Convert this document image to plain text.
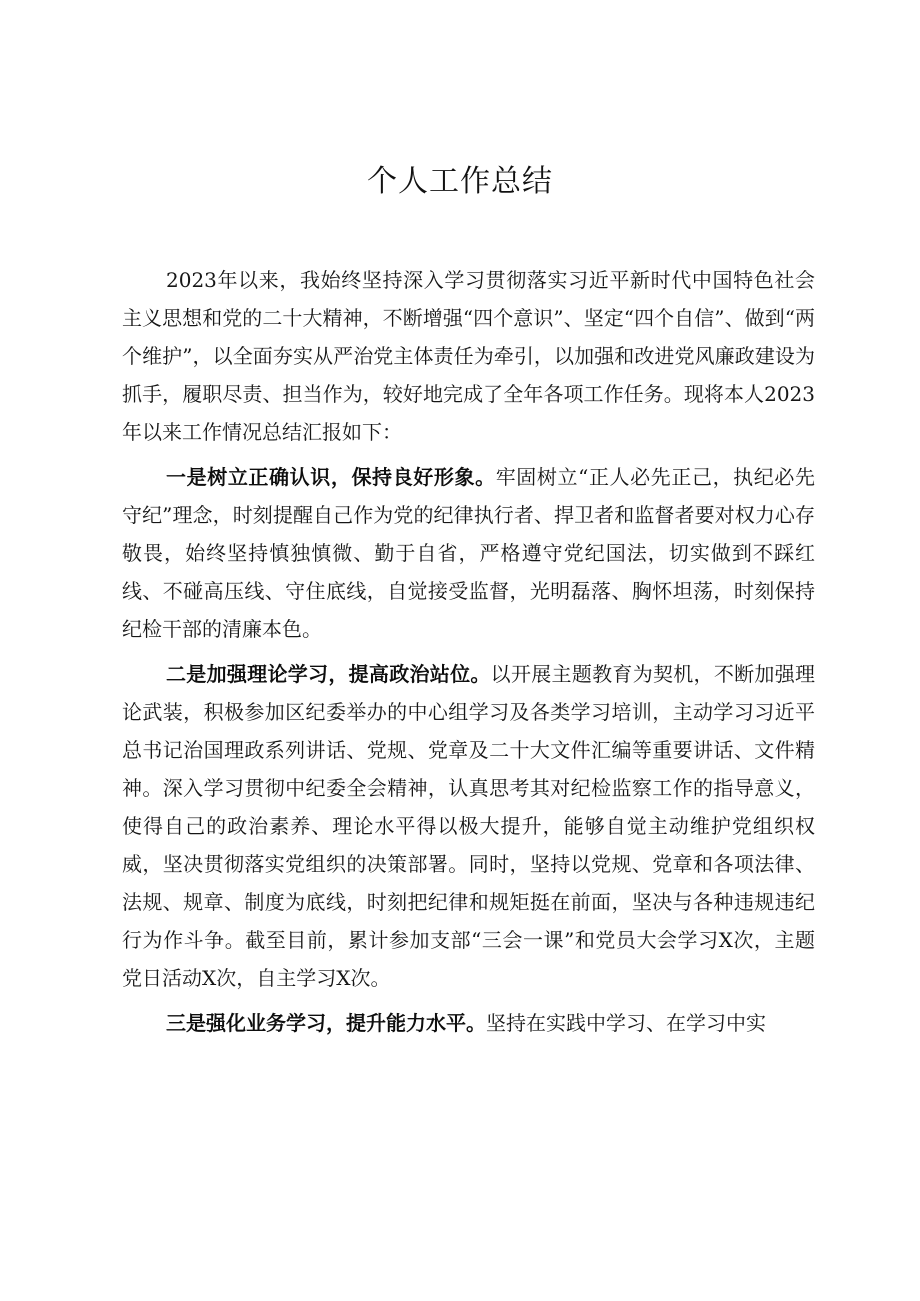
个人工作总结

2023年以来，我始终坚持深入学习贯彻落实习近平新时代中国特色社会主义思想和党的二十大精神，不断增强“四个意识”、坚定“四个自信”、做到“两个维护”，以全面夯实从严治党主体责任为牵引，以加强和改进党风廉政建设为抓手，履职尽责、担当作为，较好地完成了全年各项工作任务。现将本人2023年以来工作情况总结汇报如下：

一是树立正确认识，保持良好形象。牢固树立“正人必先正己，执纪必先守纪”理念，时刻提醒自己作为党的纪律执行者、捍卫者和监督者要对权力心存敬畏，始终坚持慎独慎微、勤于自省，严格遵守党纪国法，切实做到不踩红线、不碰高压线、守住底线，自觉接受监督，光明磊落、胸怀坦荡，时刻保持纪检干部的清廉本色。

二是加强理论学习，提高政治站位。以开展主题教育为契机，不断加强理论武装，积极参加区纪委举办的中心组学习及各类学习培训，主动学习习近平总书记治国理政系列讲话、党规、党章及二十大文件汇编等重要讲话、文件精神。深入学习贯彻中纪委全会精神，认真思考其对纪检监察工作的指导意义，使得自己的政治素养、理论水平得以极大提升，能够自觉主动维护党组织权威，坚决贯彻落实党组织的决策部署。同时，坚持以党规、党章和各项法律、法规、规章、制度为底线，时刻把纪律和规矩挺在前面，坚决与各种违规违纪行为作斗争。截至目前，累计参加支部“三会一课”和党员大会学习X次，主题党日活动X次，自主学习X次。

三是强化业务学习，提升能力水平。坚持在实践中学习、在学习中实
